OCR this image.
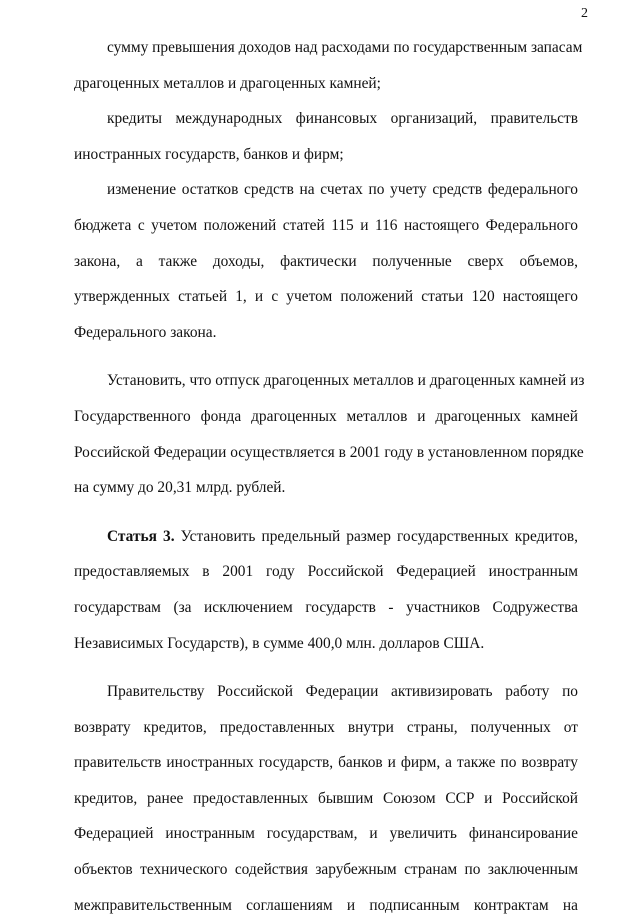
2

сумму превышения доходов над расходами по государственным запасам
драгоценных металлов и драгоценных камней;

кредиты международных финансовых организаций, правительств
иностранных государств, банков и фирм;

изменение остатков средств на счетах по учету средств федерального
бюджета с учетом положений статей 115 и 116 настоящего Федерального
закона, а также доходы, фактически полученные сверх объемов,
утвержденных статьей 1, и с учетом положений статьи 120 настоящего
Федерального закона.

Установить, что отпуск драгоценных металлов и драгоценных камней из
Государственного фонда драгоценных металлов и драгоценных камней
Российской Федерации осуществляется в 2001 году в установленном порядке
на сумму до 20,31 млрд. рублей.

Статья 3. Установить предельный размер государственных кредитов,
предоставляемых в 2001 году Российской Федерацией иностранным
государствам (за исключением государств - участников Содружества
Независимых Государств), в сумме 400,0 млн. долларов США.

Правительству Российской Федерации активизировать работу по
возврату кредитов, предоставленных внутри страны, полученных от
правительств иностранных государств, банков и фирм, а также по возврату
кредитов, ранее предоставленных бывшим Союзом ССР и Российской
Федерацией иностранным государствам, и увеличить финансирование
объектов технического содействия зарубежным странам по заключенным
межправительственным соглашениям и подписанным контрактам на
